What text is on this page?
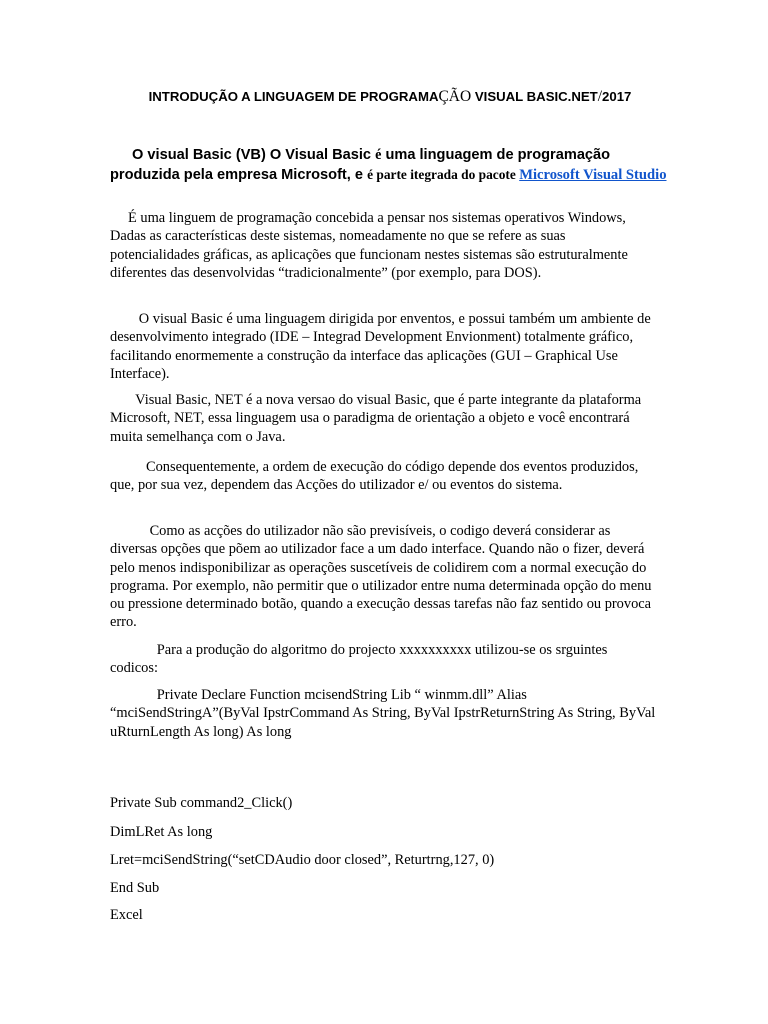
INTRODUÇÃO A LINGUAGEM DE PROGRAMAÇÃO VISUAL BASIC.NET/2017
O visual Basic (VB) O Visual Basic é uma linguagem de programação produzida pela empresa Microsoft, e é parte itegrada do pacote Microsoft Visual Studio
É uma linguem de programação concebida a pensar nos sistemas operativos Windows, Dadas as características deste sistemas, nomeadamente no que se refere as suas potencialidades gráficas, as aplicações que funcionam nestes sistemas são estruturalmente diferentes das desenvolvidas “tradicionalmente” (por exemplo, para DOS).
O visual Basic é uma linguagem dirigida por enventos, e possui também um ambiente de desenvolvimento integrado (IDE – Integrad Development Envionment) totalmente gráfico, facilitando enormemente a construção da interface das aplicações (GUI – Graphical Use Interface).
Visual Basic, NET é a nova versao do visual Basic, que é parte integrante da plataforma Microsoft, NET, essa linguagem usa o paradigma de orientação a objeto e você encontrará muita semelhança com o Java.
Consequentemente, a ordem de execução do código depende dos eventos produzidos, que, por sua vez, dependem das Acções do utilizador e/ ou eventos do sistema.
Como as acções do utilizador não são previsíveis, o codigo deverá considerar as diversas opções que põem ao utilizador face a um dado interface. Quando não o fizer, deverá pelo menos indisponibilizar as operações suscetíveis de colidirem com a normal execução do programa. Por exemplo, não permitir que o utilizador entre numa determinada opção do menu ou pressione determinado botão, quando a execução dessas tarefas não faz sentido ou provoca erro.
Para a produção do algoritmo do projecto xxxxxxxxxx utilizou-se os srguintes codicos:
Private Declare Function mcisendString Lib “ winmm.dll” Alias “mciSendStringA”(ByVal IpstrCommand As String, ByVal IpstrReturnString As String, ByVal uRturnLength As long) As long
Private Sub command2_Click()
DimLRet As long
Lret=mciSendString(“setCDAudio door closed”, Returtrng,127, 0)
End Sub
Excel
